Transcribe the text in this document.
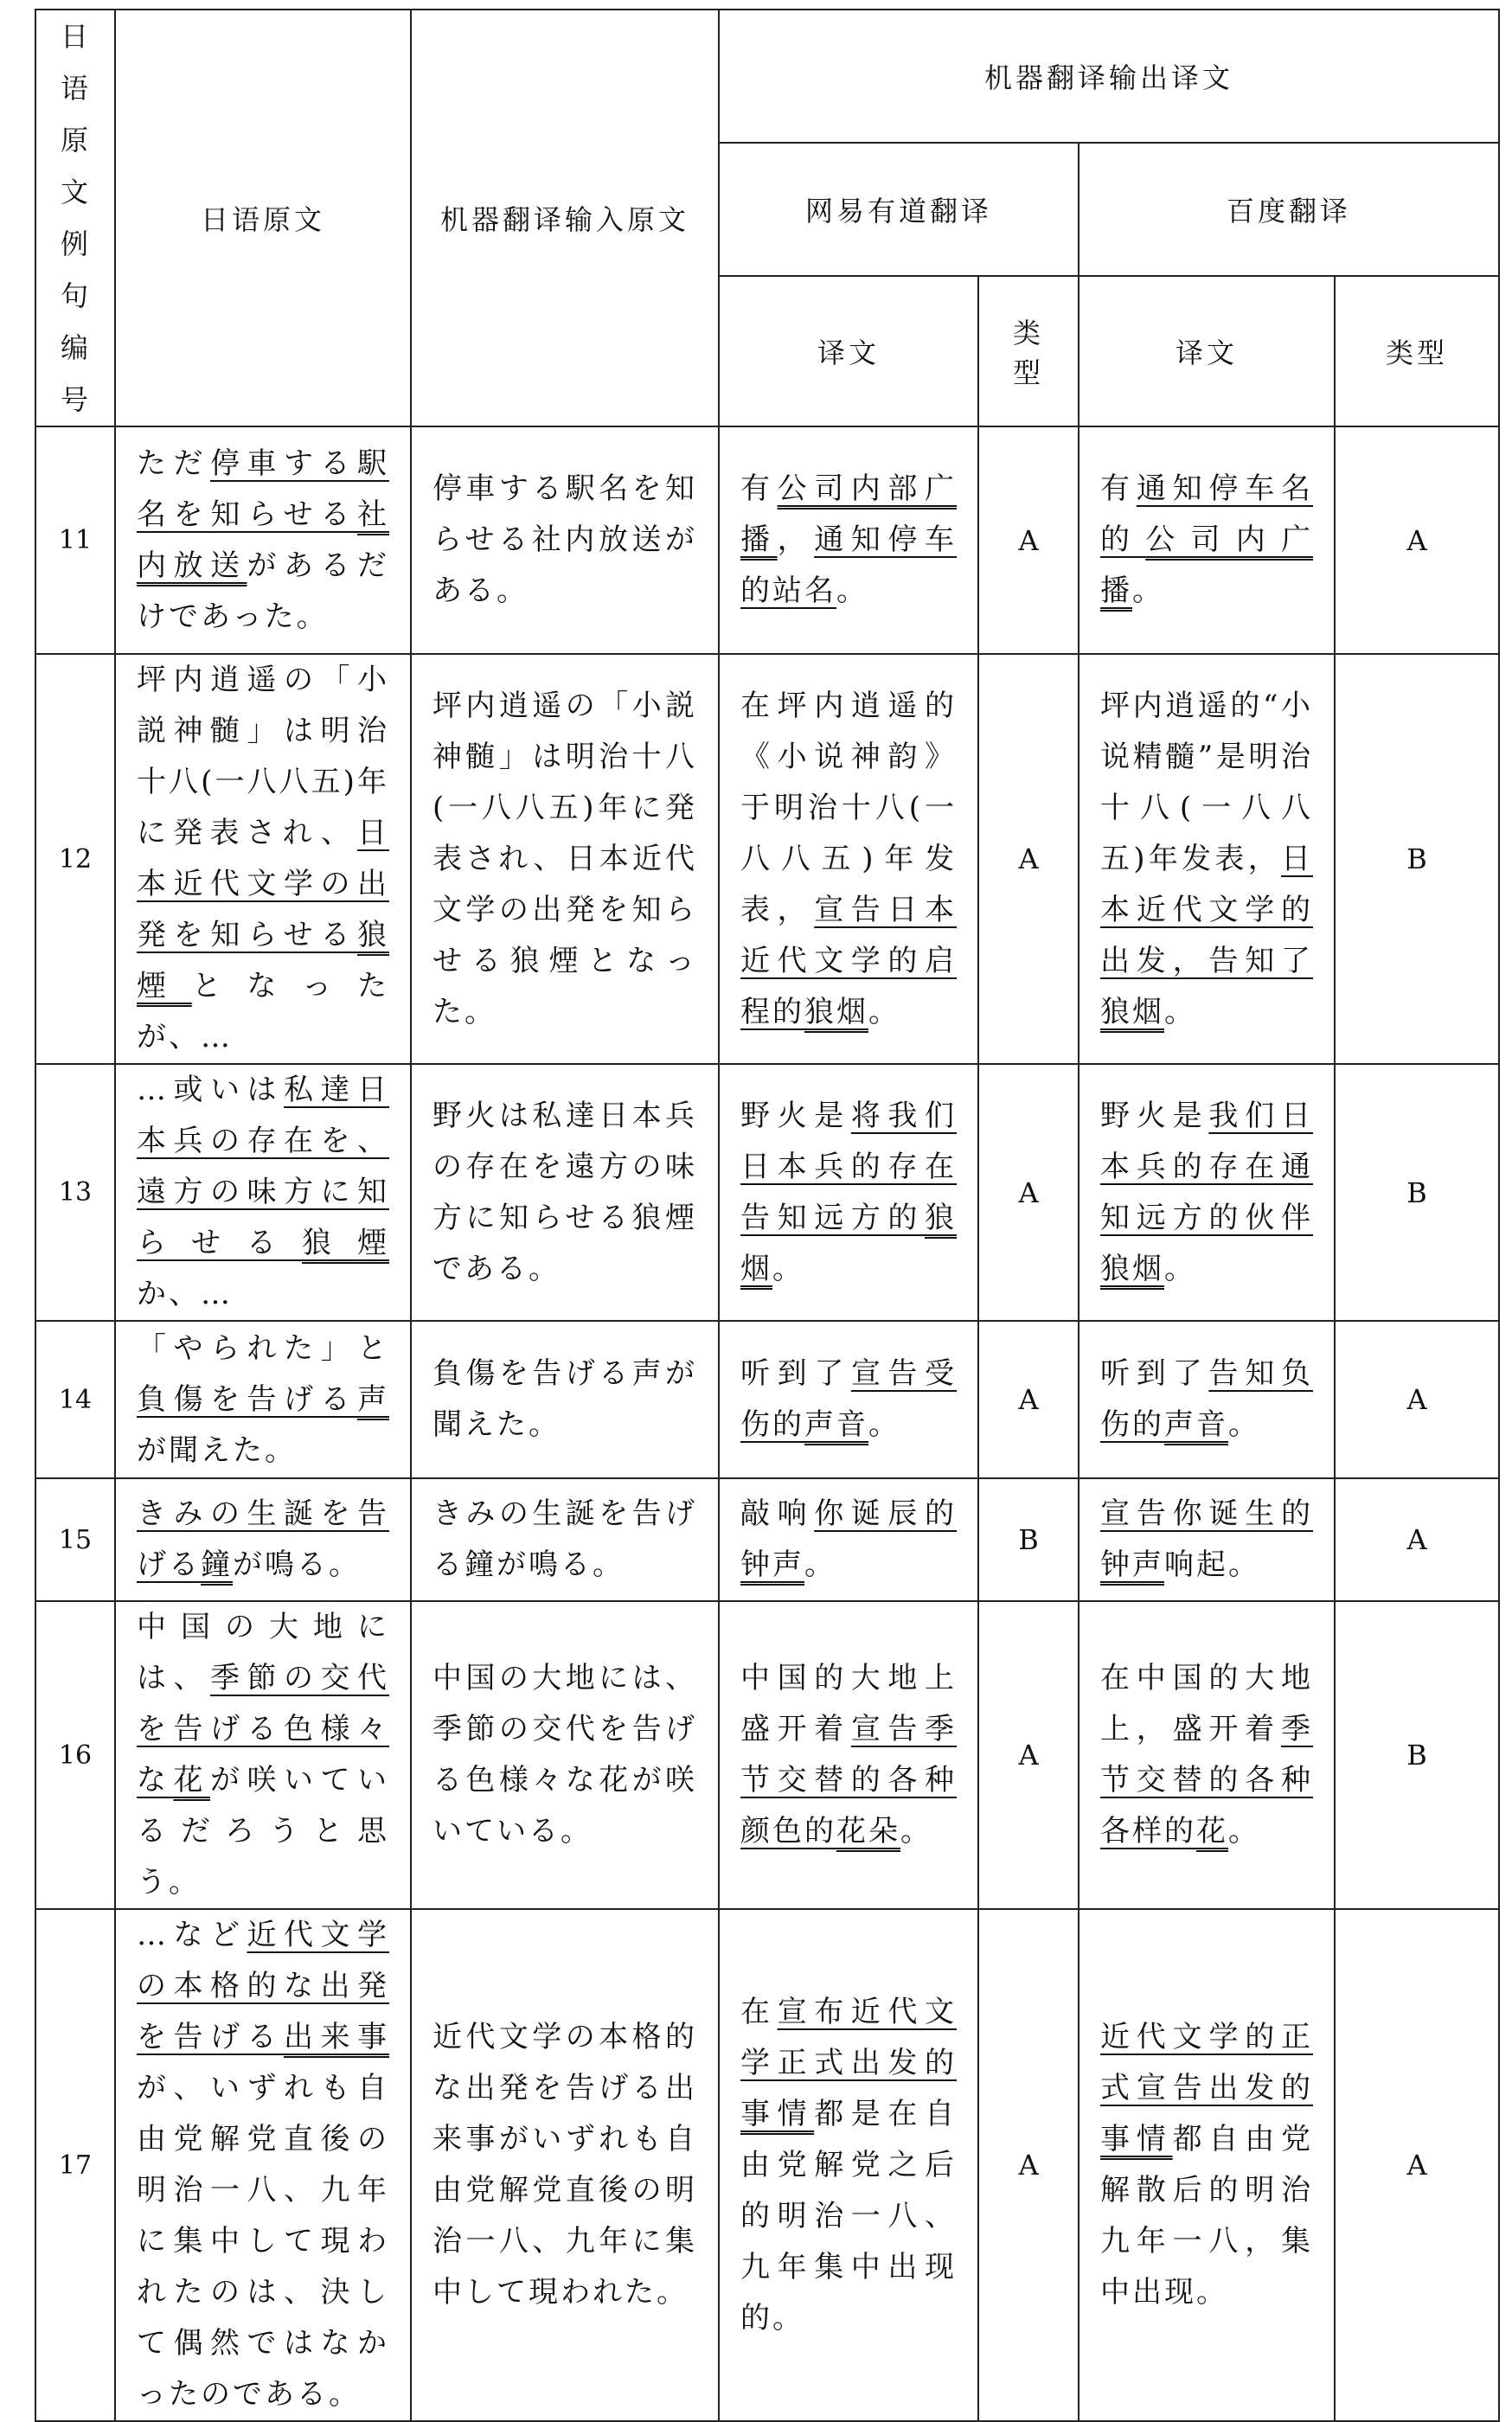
日语原文例句编号	日语原文	机器翻译输入原文	机器翻译输出译文			
			网易有道翻译		百度翻译	
			译文	类型	译文	类型
11	ただ停車する駅名を知らせる社内放送があるだけであった。	停車する駅名を知らせる社内放送がある。	有公司内部广播，通知停车的站名。	A	有通知停车名的公司内广播。	A
12	坪内逍遥の「小説神髄」は明治十八(一八八五)年に発表され、日本近代文学の出発を知らせる狼煙となったが、…	坪内逍遥の「小説神髄」は明治十八(一八八五)年に発表され、日本近代文学の出発を知らせる狼煙となった。	在坪内逍遥的《小说神韵》于明治十八(一八八五)年发表，宣告日本近代文学的启程的狼烟。	A	坪内逍遥的“小说精髓”是明治十八(一八八五)年发表，日本近代文学的出发，告知了狼烟。	B
13	…或いは私達日本兵の存在を、遠方の味方に知らせる狼煙か、…	野火は私達日本兵の存在を遠方の味方に知らせる狼煙である。	野火是将我们日本兵的存在告知远方的狼烟。	A	野火是我们日本兵的存在通知远方的伙伴狼烟。	B
14	「やられた」と負傷を告げる声が聞えた。	負傷を告げる声が聞えた。	听到了宣告受伤的声音。	A	听到了告知负伤的声音。	A
15	きみの生誕を告げる鐘が鳴る。	きみの生誕を告げる鐘が鳴る。	敲响你诞辰的钟声。	B	宣告你诞生的钟声响起。	A
16	中国の大地には、季節の交代を告げる色様々な花が咲いているだろうと思う。	中国の大地には、季節の交代を告げる色様々な花が咲いている。	中国的大地上盛开着宣告季节交替的各种颜色的花朵。	A	在中国的大地上，盛开着季节交替的各种各样的花。	B
17	…など近代文学の本格的な出発を告げる出来事が、いずれも自由党解党直後の明治一八、九年に集中して現われたのは、決して偶然ではなかったのである。	近代文学の本格的な出発を告げる出来事がいずれも自由党解党直後の明治一八、九年に集中して現われた。	在宣布近代文学正式出发的事情都是在自由党解党之后的明治一八、九年集中出现的。	A	近代文学的正式宣告出发的事情都自由党解散后的明治九年一八，集中出现。	A
